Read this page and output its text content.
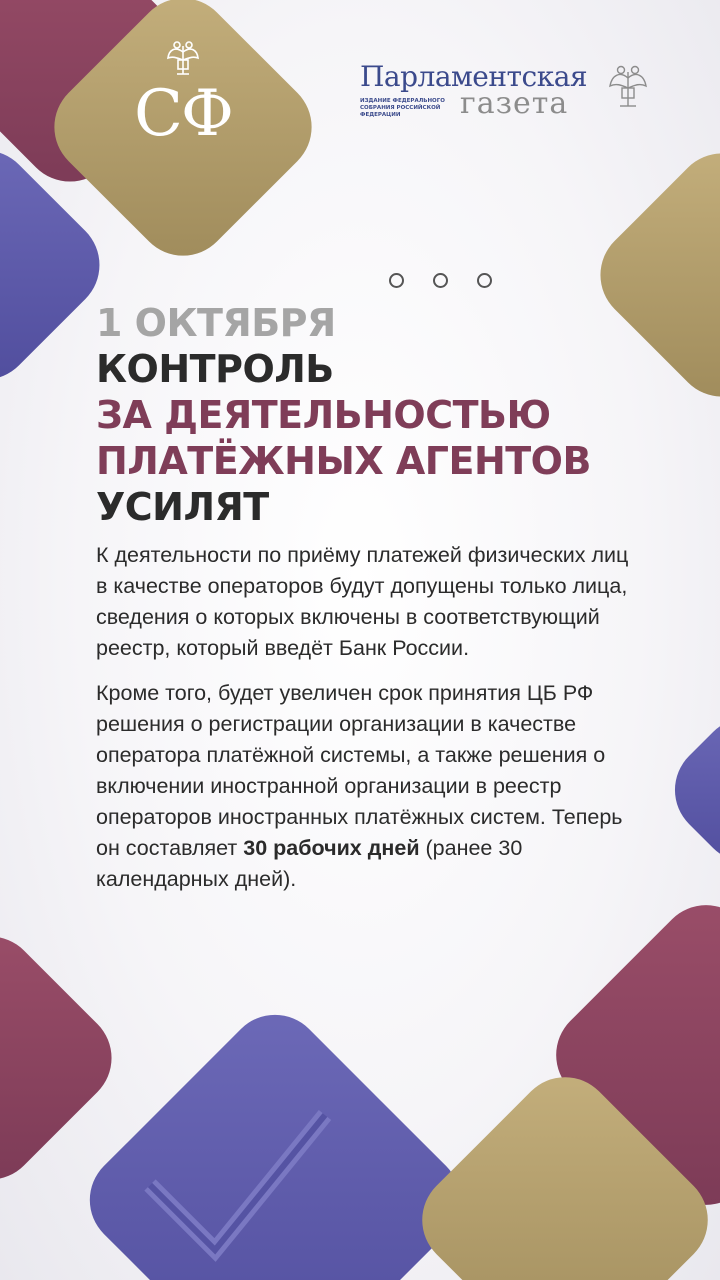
СФ
Парламентская
ИЗДАНИЕ ФЕДЕРАЛЬНОГО СОБРАНИЯ РОССИЙСКОЙ ФЕДЕРАЦИИ	газета
1 ОКТЯБРЯ
КОНТРОЛЬ
ЗА ДЕЯТЕЛЬНОСТЬЮ
ПЛАТЁЖНЫХ АГЕНТОВ
УСИЛЯТ

К деятельности по приёму платежей физических лиц в качестве операторов будут допущены только лица, сведения о которых включены в соответствующий реестр, который введёт Банк России.

Кроме того, будет увеличен срок принятия ЦБ РФ решения о регистрации организации в качестве оператора платёжной системы, а также решения о включении иностранной организации в реестр операторов иностранных платёжных систем. Теперь он составляет 30 рабочих дней (ранее 30 календарных дней).
